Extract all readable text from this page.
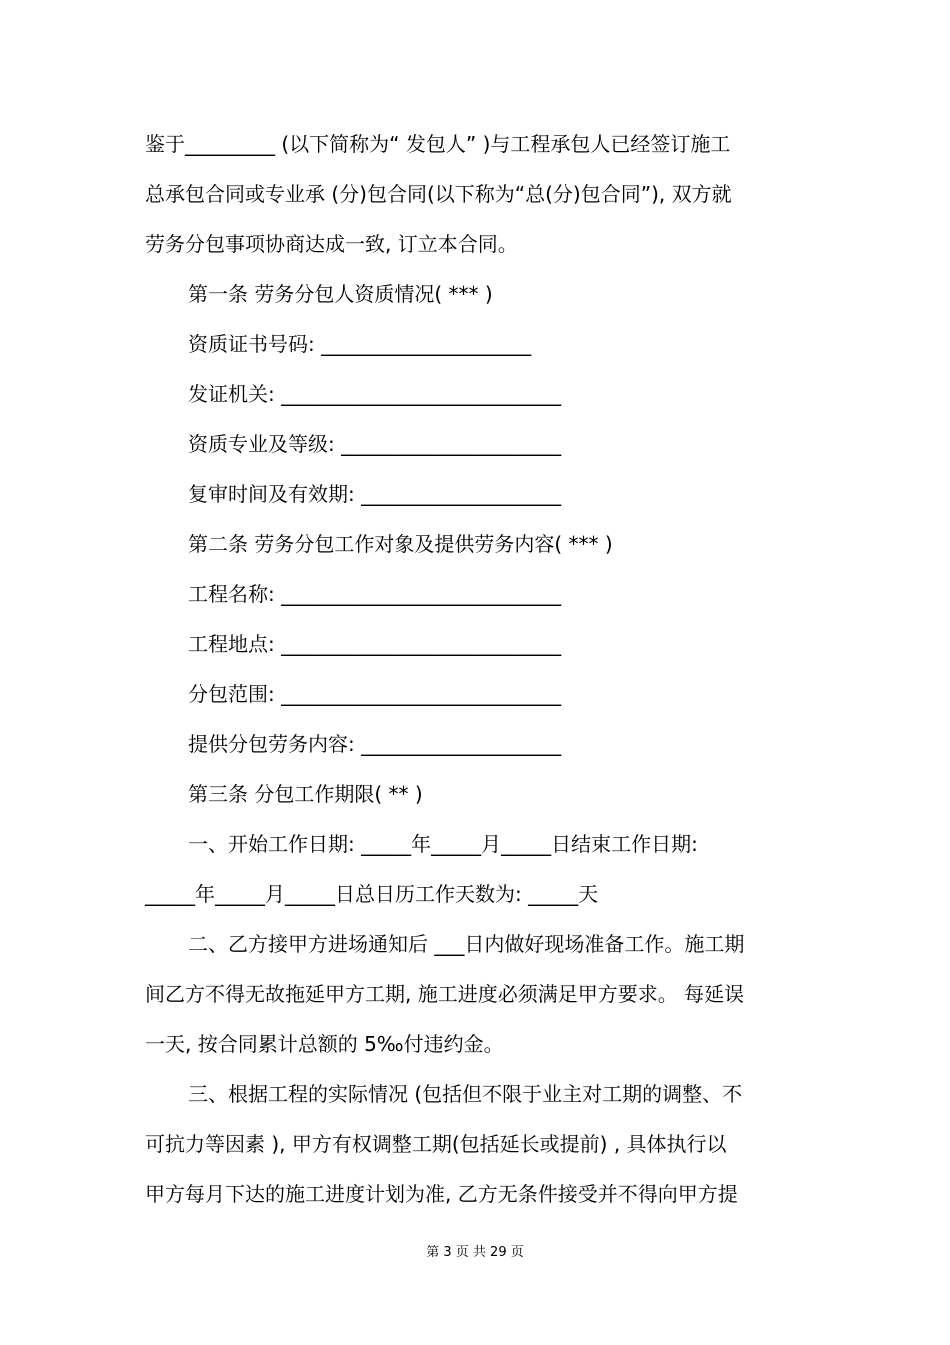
鉴于_________ (以下简称为“ 发包人” )与工程承包人已经签订施工
总承包合同或专业承 (分)包合同(以下称为“总(分)包合同”), 双方就
劳务分包事项协商达成一致, 订立本合同。
第一条 劳务分包人资质情况( *** )
资质证书号码: _____________________
发证机关: ____________________________
资质专业及等级: ______________________
复审时间及有效期: ____________________
第二条 劳务分包工作对象及提供劳务内容( *** )
工程名称: ____________________________
工程地点: ____________________________
分包范围: ____________________________
提供分包劳务内容: ____________________
第三条 分包工作期限( ** )
一、开始工作日期: _____年_____月_____日结束工作日期:
_____年_____月_____日总日历工作天数为: _____天
二、乙方接甲方进场通知后 ___日内做好现场准备工作。施工期
间乙方不得无故拖延甲方工期, 施工进度必须满足甲方要求。 每延误
一天, 按合同累计总额的 5‰付违约金。
三、根据工程的实际情况 (包括但不限于业主对工期的调整、不
可抗力等因素 ), 甲方有权调整工期(包括延长或提前) , 具体执行以
甲方每月下达的施工进度计划为准, 乙方无条件接受并不得向甲方提
第 3 页 共 29 页
